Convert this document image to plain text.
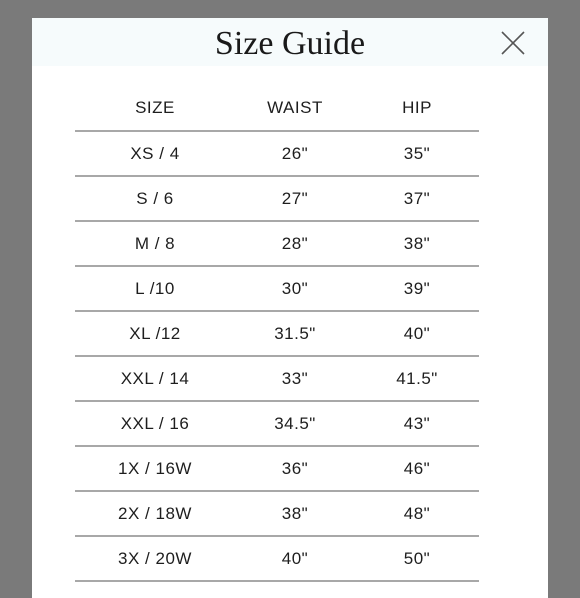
Size Guide
SIZE	WAIST	HIP
XS / 4	26"	35"
S / 6	27"	37"
M / 8	28"	38"
L /10	30"	39"
XL /12	31.5"	40"
XXL / 14	33"	41.5"
XXL / 16	34.5"	43"
1X / 16W	36"	46"
2X / 18W	38"	48"
3X / 20W	40"	50"
